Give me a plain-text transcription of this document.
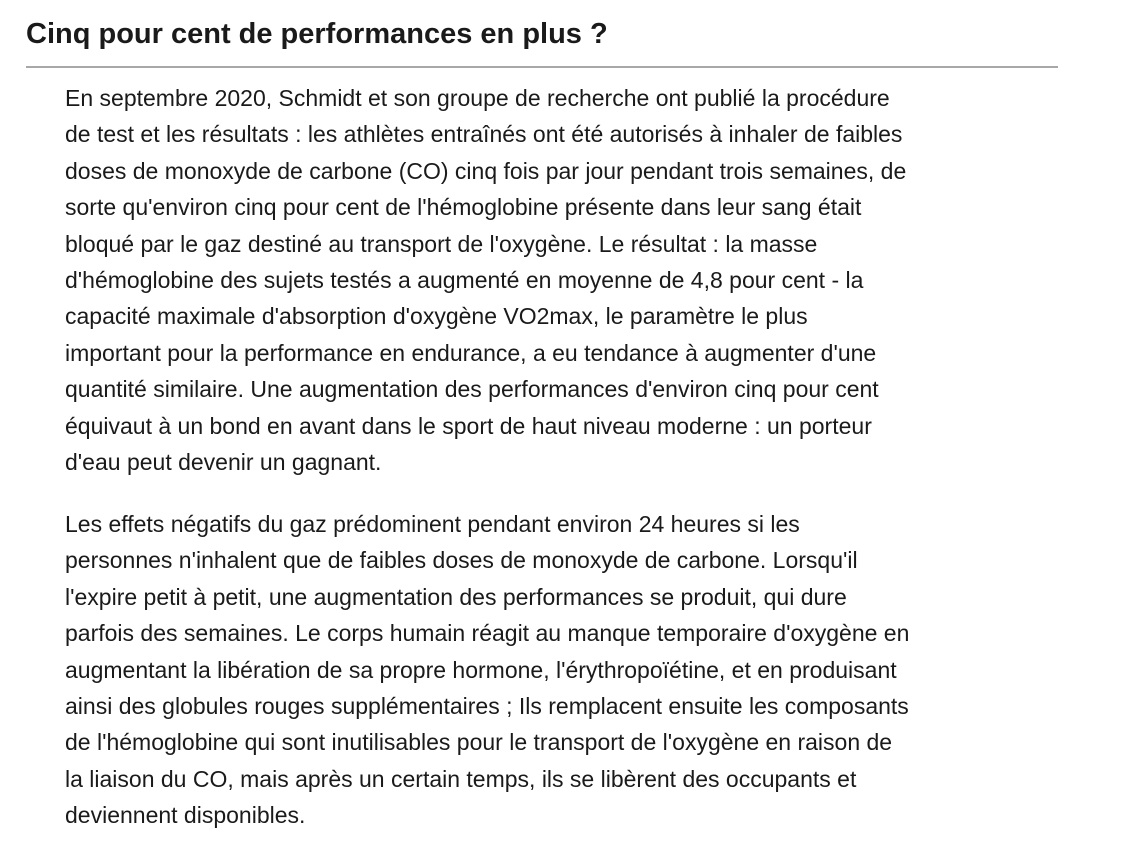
Cinq pour cent de performances en plus ?

En septembre 2020, Schmidt et son groupe de recherche ont publié la procédure
de test et les résultats : les athlètes entraînés ont été autorisés à inhaler de faibles
doses de monoxyde de carbone (CO) cinq fois par jour pendant trois semaines, de
sorte qu'environ cinq pour cent de l'hémoglobine présente dans leur sang était
bloqué par le gaz destiné au transport de l'oxygène. Le résultat : la masse
d'hémoglobine des sujets testés a augmenté en moyenne de 4,8 pour cent - la
capacité maximale d'absorption d'oxygène VO2max, le paramètre le plus
important pour la performance en endurance, a eu tendance à augmenter d'une
quantité similaire. Une augmentation des performances d'environ cinq pour cent
équivaut à un bond en avant dans le sport de haut niveau moderne : un porteur
d'eau peut devenir un gagnant.

Les effets négatifs du gaz prédominent pendant environ 24 heures si les
personnes n'inhalent que de faibles doses de monoxyde de carbone. Lorsqu'il
l'expire petit à petit, une augmentation des performances se produit, qui dure
parfois des semaines. Le corps humain réagit au manque temporaire d'oxygène en
augmentant la libération de sa propre hormone, l'érythropoïétine, et en produisant
ainsi des globules rouges supplémentaires ; Ils remplacent ensuite les composants
de l'hémoglobine qui sont inutilisables pour le transport de l'oxygène en raison de
la liaison du CO, mais après un certain temps, ils se libèrent des occupants et
deviennent disponibles.
